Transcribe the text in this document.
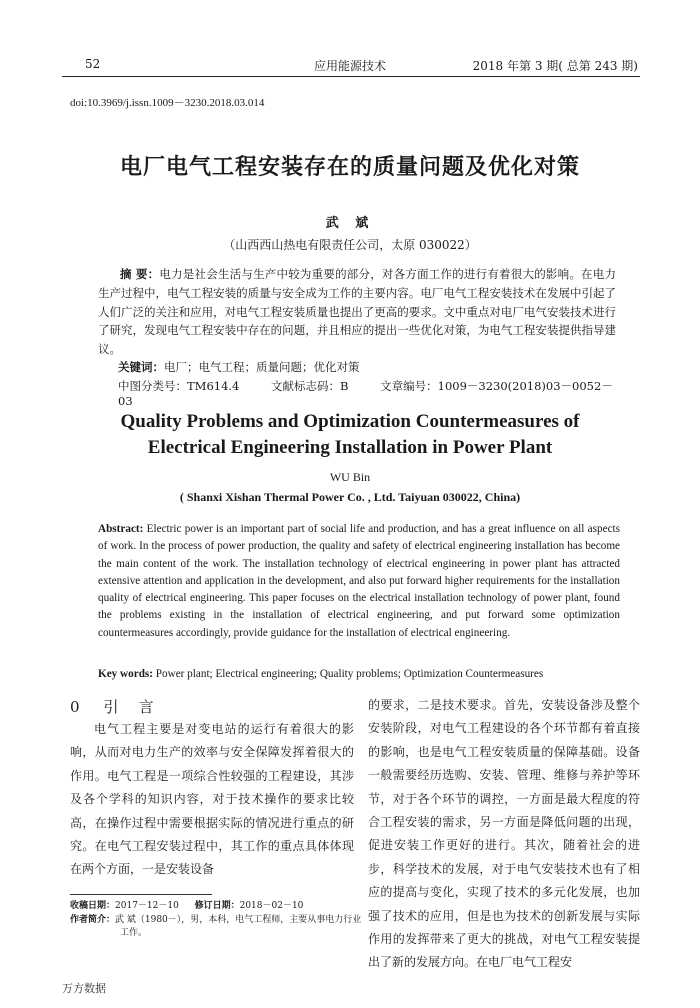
52	应用能源技术	2018 年第 3 期( 总第 243 期)
doi:10.3969/j.issn.1009－3230.2018.03.014
电厂电气工程安装存在的质量问题及优化对策
武 斌
（山西西山热电有限责任公司，太原 030022）
摘 要：电力是社会生活与生产中较为重要的部分，对各方面工作的进行有着很大的影响。在电力生产过程中，电气工程安装的质量与安全成为工作的主要内容。电厂电气工程安装技术在发展中引起了人们广泛的关注和应用，对电气工程安装质量也提出了更高的要求。文中重点对电厂电气安装技术进行了研究，发现电气工程安装中存在的问题，并且相应的提出一些优化对策，为电气工程安装提供指导建议。
关键词：电厂；电气工程；质量问题；优化对策
中图分类号：TM614.4	文献标志码：B	文章编号：1009－3230(2018)03－0052－03
Quality Problems and Optimization Countermeasures of Electrical Engineering Installation in Power Plant
WU Bin
( Shanxi Xishan Thermal Power Co. , Ltd. Taiyuan 030022, China)
Abstract: Electric power is an important part of social life and production, and has a great influence on all aspects of work. In the process of power production, the quality and safety of electrical engineering installation has become the main content of the work. The installation technology of electrical engineering in power plant has attracted extensive attention and application in the development, and also put forward higher requirements for the installation quality of electrical engineering. This paper focuses on the electrical installation technology of power plant, found the problems existing in the installation of electrical engineering, and put forward some optimization countermeasures accordingly, provide guidance for the installation of electrical engineering.
Key words: Power plant; Electrical engineering; Quality problems; Optimization Countermeasures
0 引 言
电气工程主要是对变电站的运行有着很大的影响，从而对电力生产的效率与安全保障发挥着很大的作用。电气工程是一项综合性较强的工程建设，其涉及各个学科的知识内容，对于技术操作的要求比较高，在操作过程中需要根据实际的情况进行重点的研究。在电气工程安装过程中，其工作的重点具体体现在两个方面，一是安装设备
的要求，二是技术要求。首先，安装设备涉及整个安装阶段，对电气工程建设的各个环节都有着直接的影响，也是电气工程安装质量的保障基础。设备一般需要经历选购、安装、管理、维修与养护等环节，对于各个环节的调控，一方面是最大程度的符合工程安装的需求，另一方面是降低问题的出现，促进安装工作更好的进行。其次，随着社会的进步，科学技术的发展，对于电气安装技术也有了相应的提高与变化，实现了技术的多元化发展，也加强了技术的应用，但是也为技术的创新发展与实际作用的发挥带来了更大的挑战，对电气工程安装提出了新的发展方向。在电厂电气工程安
收稿日期：2017－12－10 修订日期：2018－02－10
作者简介：武 斌（1980－），男，本科，电气工程师，主要从事电力行业工作。
万方数据
